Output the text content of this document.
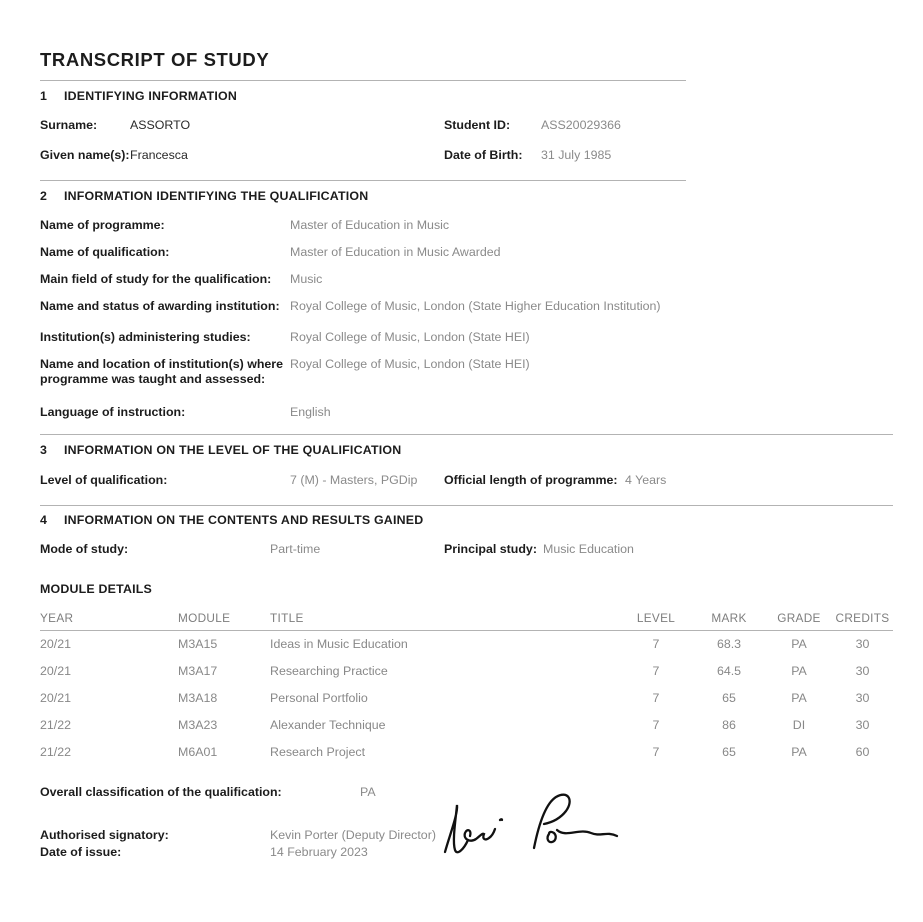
TRANSCRIPT OF STUDY
1	IDENTIFYING INFORMATION
Surname:	ASSORTO	Student ID: ASS20029366
Given name(s): Francesca	Date of Birth: 31 July 1985
2	INFORMATION IDENTIFYING THE QUALIFICATION
Name of programme:	Master of Education in Music
Name of qualification:	Master of Education in Music Awarded
Main field of study for the qualification: Music
Name and status of awarding institution: Royal College of Music, London (State Higher Education Institution)
Institution(s) administering studies:	Royal College of Music, London (State HEI)
Name and location of institution(s) where programme was taught and assessed:
Royal College of Music, London (State HEI)
Language of instruction:	English
3	INFORMATION ON THE LEVEL OF THE QUALIFICATION
Level of qualification:	7 (M) - Masters, PGDip Official length of programme: 4 Years
4	INFORMATION ON THE CONTENTS AND RESULTS GAINED
Mode of study:	Part-time	Principal study: Music Education
MODULE DETAILS
YEAR	MODULE	TITLE	LEVEL	MARK	GRADE	CREDITS
20/21	M3A15	Ideas in Music Education	7	68.3	PA	30
20/21	M3A17	Researching Practice	7	64.5	PA	30
20/21	M3A18	Personal Portfolio	7	65	PA	30
21/22	M3A23	Alexander Technique	7	86	DI	30
21/22	M6A01	Research Project	7	65	PA	60
Overall classification of the qualification:	PA
Authorised signatory:	Kevin Porter (Deputy Director)
Date of issue:	14 February 2023
